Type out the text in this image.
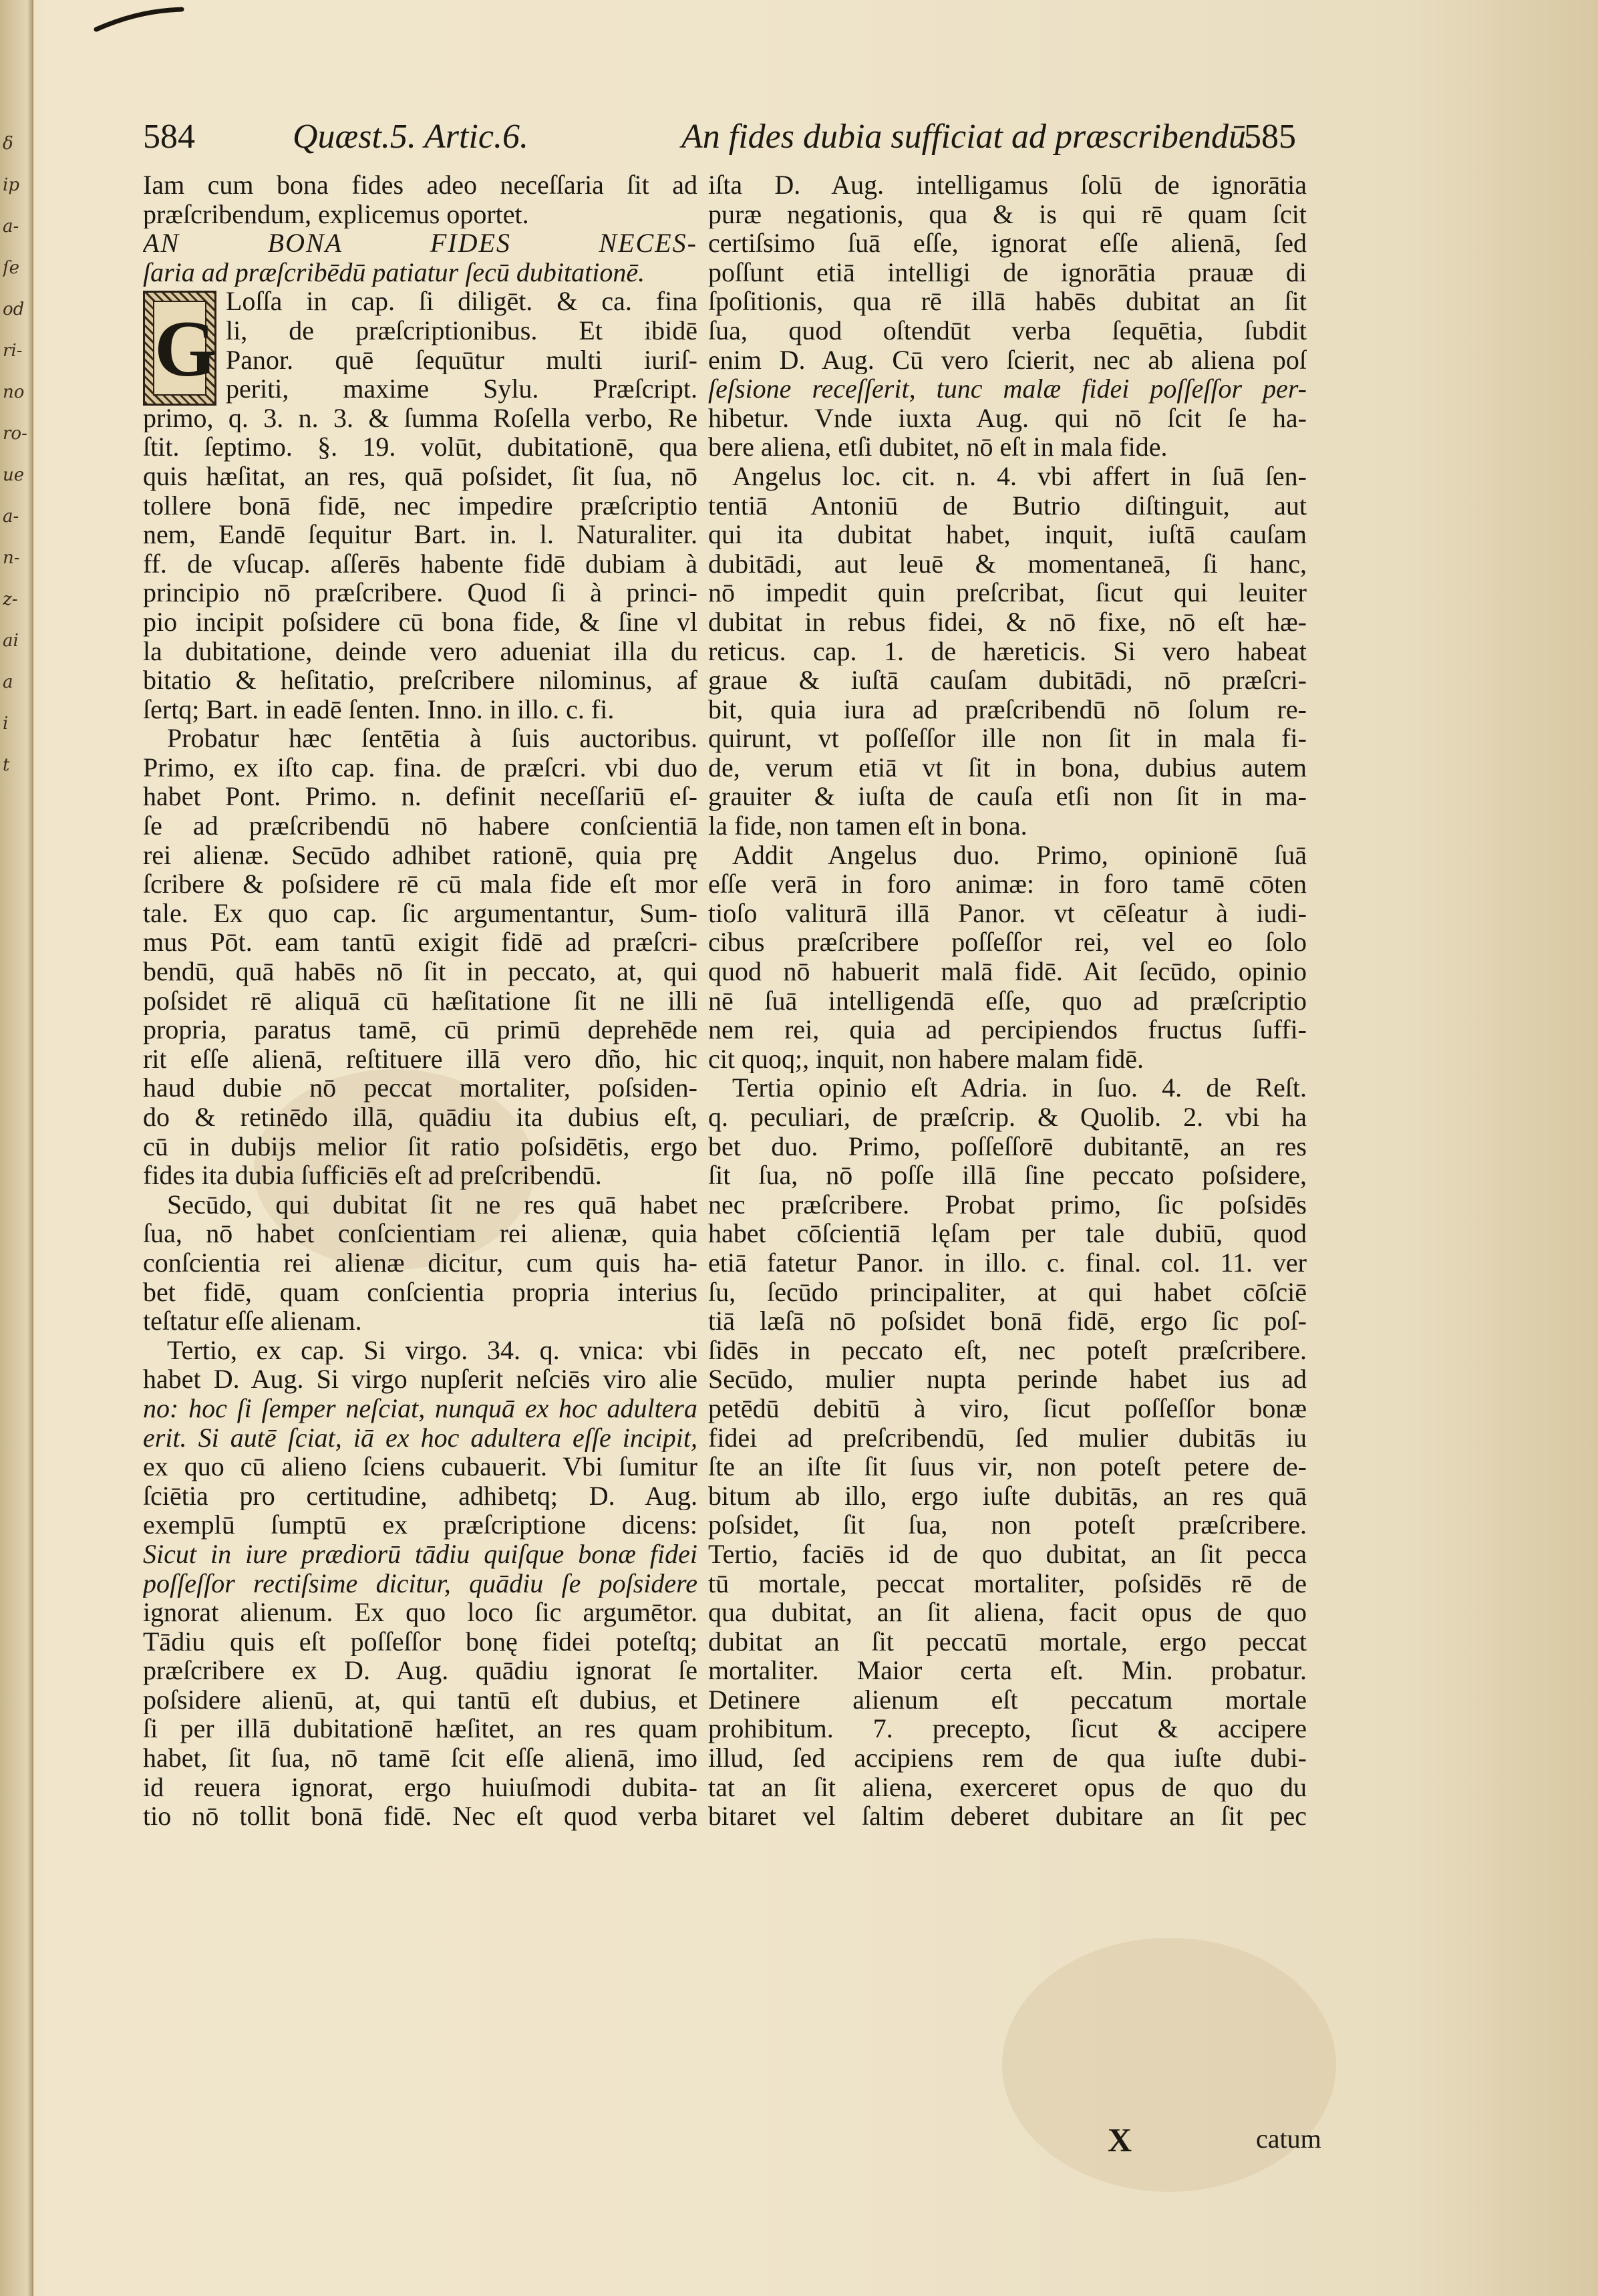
ẟ
ip
a-
ſe
od
ri-
no
ro-
ue
a-
n-
z-
ai
a
i
t
584	Quæst.5. Artic.6.	An fides dubia sufficiat ad præscribendū.
585
G
Iam cum bona fides adeo neceſſaria ſit ad
præſcribendum, explicemus oportet.
AN BONA FIDES NECES-
ſaria ad præſcribēdū patiatur ſecū dubitationē.
Loſſa in cap. ſi diligēt. & ca. fina
li, de præſcriptionibus. Et ibidē
Panor. quē ſequūtur multi iuriſ-
periti, maxime Sylu. Præſcript.
primo, q. 3. n. 3. & ſumma Roſella verbo, Re
ſtit. ſeptimo. §. 19. volūt, dubitationē, qua
quis hæſitat, an res, quā poſsidet, ſit ſua, nō
tollere bonā fidē, nec impedire præſcriptio
nem, Eandē ſequitur Bart. in. l. Naturaliter.
ff. de vſucap. aſſerēs habente fidē dubiam à
principio nō præſcribere. Quod ſi à princi-
pio incipit poſsidere cū bona fide, & ſine vl
la dubitatione, deinde vero adueniat illa du
bitatio & heſitatio, preſcribere nilominus, af
ſertq; Bart. in eadē ſenten. Inno. in illo. c. fi.
Probatur hæc ſentētia à ſuis auctoribus.
Primo, ex iſto cap. fina. de præſcri. vbi duo
habet Pont. Primo. n. definit neceſſariū eſ-
ſe ad præſcribendū nō habere conſcientiā
rei alienæ. Secūdo adhibet rationē, quia prę
ſcribere & poſsidere rē cū mala fide eſt mor
tale. Ex quo cap. ſic argumentantur, Sum-
mus Pōt. eam tantū exigit fidē ad præſcri-
bendū, quā habēs nō ſit in peccato, at, qui
poſsidet rē aliquā cū hæſitatione ſit ne illi
propria, paratus tamē, cū primū deprehēde
rit eſſe alienā, reſtituere illā vero dño, hic
haud dubie nō peccat mortaliter, poſsiden-
do & retinēdo illā, quādiu ita dubius eſt,
cū in dubijs melior ſit ratio poſsidētis, ergo
fides ita dubia ſufficiēs eſt ad preſcribendū.
Secūdo, qui dubitat ſit ne res quā habet
ſua, nō habet conſcientiam rei alienæ, quia
conſcientia rei alienæ dicitur, cum quis ha-
bet fidē, quam conſcientia propria interius
teſtatur eſſe alienam.
Tertio, ex cap. Si virgo. 34. q. vnica: vbi
habet D. Aug. Si virgo nupſerit neſciēs viro alie
no: hoc ſi ſemper neſciat, nunquā ex hoc adultera
erit. Si autē ſciat, iā ex hoc adultera eſſe incipit,
ex quo cū alieno ſciens cubauerit. Vbi ſumitur
ſciētia pro certitudine, adhibetq; D. Aug.
exemplū ſumptū ex præſcriptione dicens:
Sicut in iure prædiorū tādiu quiſque bonæ fidei
poſſeſſor rectiſsime dicitur, quādiu ſe poſsidere
ignorat alienum. Ex quo loco ſic argumētor.
Tādiu quis eſt poſſeſſor bonę fidei poteſtq;
præſcribere ex D. Aug. quādiu ignorat ſe
poſsidere alienū, at, qui tantū eſt dubius, et
ſi per illā dubitationē hæſitet, an res quam
habet, ſit ſua, nō tamē ſcit eſſe alienā, imo
id reuera ignorat, ergo huiuſmodi dubita-
tio nō tollit bonā fidē. Nec eſt quod verba
iſta D. Aug. intelligamus ſolū de ignorātia
puræ negationis, qua & is qui rē quam ſcit
certiſsimo ſuā eſſe, ignorat eſſe alienā, ſed
poſſunt etiā intelligi de ignorātia prauæ di
ſpoſitionis, qua rē illā habēs dubitat an ſit
ſua, quod oſtendūt verba ſequētia, ſubdit
enim D. Aug. Cū vero ſcierit, nec ab aliena poſ
ſeſsione receſſerit, tunc malæ fidei poſſeſſor per-
hibetur. Vnde iuxta Aug. qui nō ſcit ſe ha-
bere aliena, etſi dubitet, nō eſt in mala fide.
Angelus loc. cit. n. 4. vbi affert in ſuā ſen-
tentiā Antoniū de Butrio diſtinguit, aut
qui ita dubitat habet, inquit, iuſtā cauſam
dubitādi, aut leuē & momentaneā, ſi hanc,
nō impedit quin preſcribat, ſicut qui leuiter
dubitat in rebus fidei, & nō fixe, nō eſt hæ-
reticus. cap. 1. de hæreticis. Si vero habeat
graue & iuſtā cauſam dubitādi, nō præſcri-
bit, quia iura ad præſcribendū nō ſolum re-
quirunt, vt poſſeſſor ille non ſit in mala fi-
de, verum etiā vt ſit in bona, dubius autem
grauiter & iuſta de cauſa etſi non ſit in ma-
la fide, non tamen eſt in bona.
Addit Angelus duo. Primo, opinionē ſuā
eſſe verā in foro animæ: in foro tamē cōten
tioſo valiturā illā Panor. vt cēſeatur à iudi-
cibus præſcribere poſſeſſor rei, vel eo ſolo
quod nō habuerit malā fidē. Ait ſecūdo, opinio
nē ſuā intelligendā eſſe, quo ad præſcriptio
nem rei, quia ad percipiendos fructus ſuffi-
cit quoq;, inquit, non habere malam fidē.
Tertia opinio eſt Adria. in ſuo. 4. de Reſt.
q. peculiari, de præſcrip. & Quolib. 2. vbi ha
bet duo. Primo, poſſeſſorē dubitantē, an res
ſit ſua, nō poſſe illā ſine peccato poſsidere,
nec præſcribere. Probat primo, ſic poſsidēs
habet cōſcientiā lęſam per tale dubiū, quod
etiā fatetur Panor. in illo. c. final. col. 11. ver
ſu, ſecūdo principaliter, at qui habet cōſciē
tiā læſā nō poſsidet bonā fidē, ergo ſic poſ-
ſidēs in peccato eſt, nec poteſt præſcribere.
Secūdo, mulier nupta perinde habet ius ad
petēdū debitū à viro, ſicut poſſeſſor bonæ
fidei ad preſcribendū, ſed mulier dubitās iu
ſte an iſte ſit ſuus vir, non poteſt petere de-
bitum ab illo, ergo iuſte dubitās, an res quā
poſsidet, ſit ſua, non poteſt præſcribere.
Tertio, faciēs id de quo dubitat, an ſit pecca
tū mortale, peccat mortaliter, poſsidēs rē de
qua dubitat, an ſit aliena, facit opus de quo
dubitat an ſit peccatū mortale, ergo peccat
mortaliter. Maior certa eſt. Min. probatur.
Detinere alienum eſt peccatum mortale
prohibitum. 7. precepto, ſicut & accipere
illud, ſed accipiens rem de qua iuſte dubi-
tat an ſit aliena, exerceret opus de quo du
bitaret vel ſaltim deberet dubitare an ſit pec
X	catum
